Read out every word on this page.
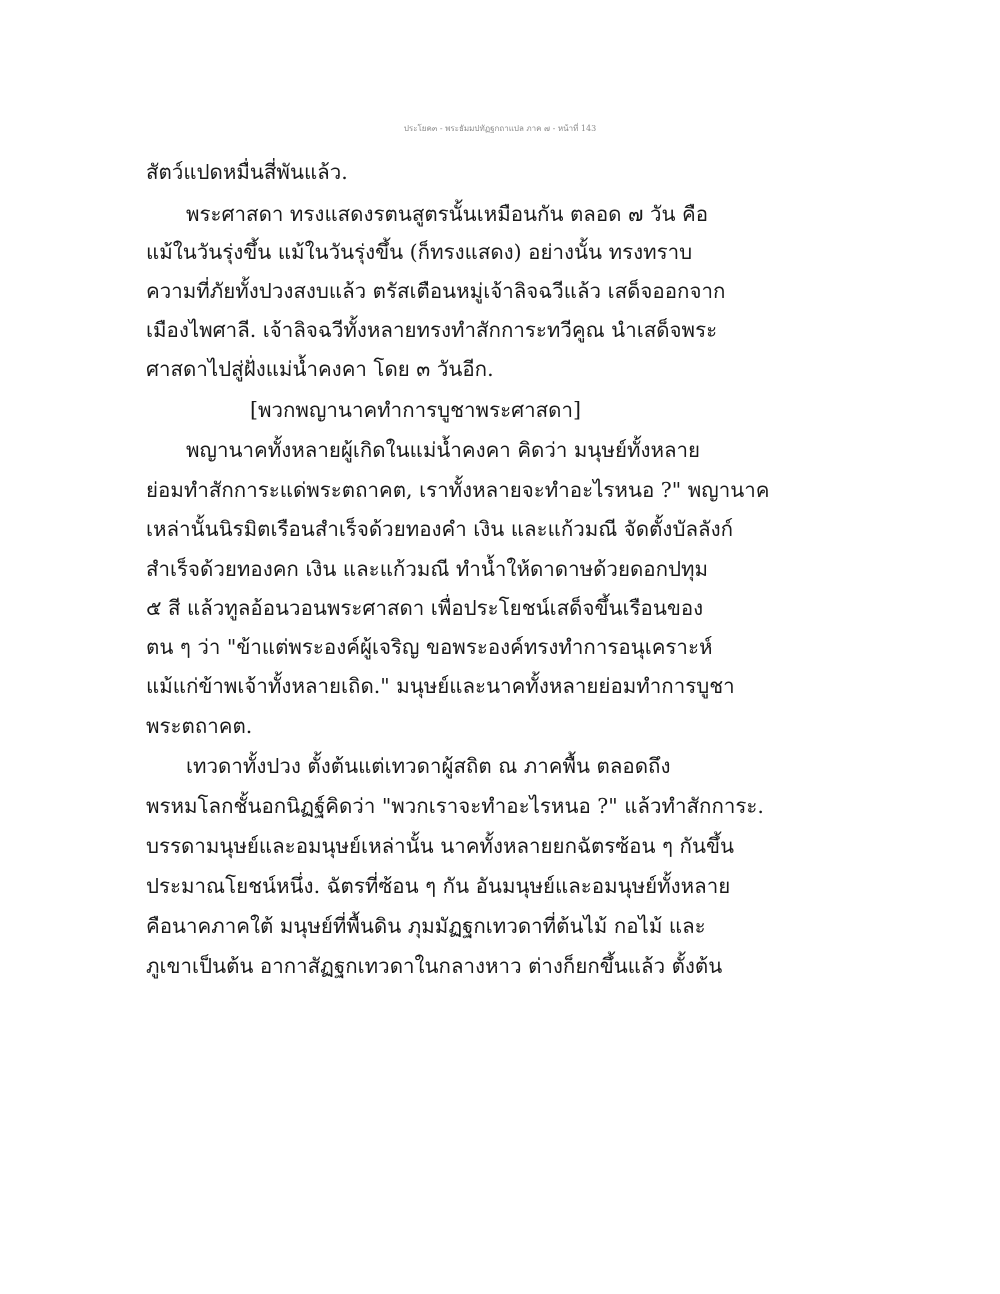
ประโยค๓ - พระธัมมปทัฏฐกถาแปล ภาค ๗ - หน้าที่ 143
สัตว์แปดหมื่นสี่พันแล้ว.
พระศาสดา ทรงแสดงรตนสูตรนั้นเหมือนกัน ตลอด ๗ วัน คือ
แม้ในวันรุ่งขึ้น แม้ในวันรุ่งขึ้น (ก็ทรงแสดง) อย่างนั้น ทรงทราบ
ความที่ภัยทั้งปวงสงบแล้ว ตรัสเตือนหมู่เจ้าลิจฉวีแล้ว เสด็จออกจาก
เมืองไพศาลี. เจ้าลิจฉวีทั้งหลายทรงทำสักการะทวีคูณ นำเสด็จพระ
ศาสดาไปสู่ฝั่งแม่น้ำคงคา โดย ๓ วันอีก.
[พวกพญานาคทำการบูชาพระศาสดา]
พญานาคทั้งหลายผู้เกิดในแม่น้ำคงคา คิดว่า มนุษย์ทั้งหลาย
ย่อมทำสักการะแด่พระตถาคต, เราทั้งหลายจะทำอะไรหนอ ?" พญานาค
เหล่านั้นนิรมิตเรือนสำเร็จด้วยทองคำ เงิน และแก้วมณี จัดตั้งบัลลังก์
สำเร็จด้วยทองคก เงิน และแก้วมณี ทำน้ำให้ดาดาษด้วยดอกปทุม
๕ สี แล้วทูลอ้อนวอนพระศาสดา เพื่อประโยชน์เสด็จขึ้นเรือนของ
ตน ๆ ว่า "ข้าแต่พระองค์ผู้เจริญ ขอพระองค์ทรงทำการอนุเคราะห์
แม้แก่ข้าพเจ้าทั้งหลายเถิด." มนุษย์และนาคทั้งหลายย่อมทำการบูชา
พระตถาคต.
เทวดาทั้งปวง ตั้งต้นแต่เทวดาผู้สถิต ณ ภาคพื้น ตลอดถึง
พรหมโลกชั้นอกนิฏฐ์คิดว่า "พวกเราจะทำอะไรหนอ ?" แล้วทำสักการะ.
บรรดามนุษย์และอมนุษย์เหล่านั้น นาคทั้งหลายยกฉัตรซ้อน ๆ กันขึ้น
ประมาณโยชน์หนึ่ง. ฉัตรที่ซ้อน ๆ กัน อันมนุษย์และอมนุษย์ทั้งหลาย
คือนาคภาคใต้ มนุษย์ที่พื้นดิน ภุมมัฏฐกเทวดาที่ต้นไม้ กอไม้ และ
ภูเขาเป็นต้น อากาสัฏฐกเทวดาในกลางหาว ต่างก็ยกขึ้นแล้ว ตั้งต้น
